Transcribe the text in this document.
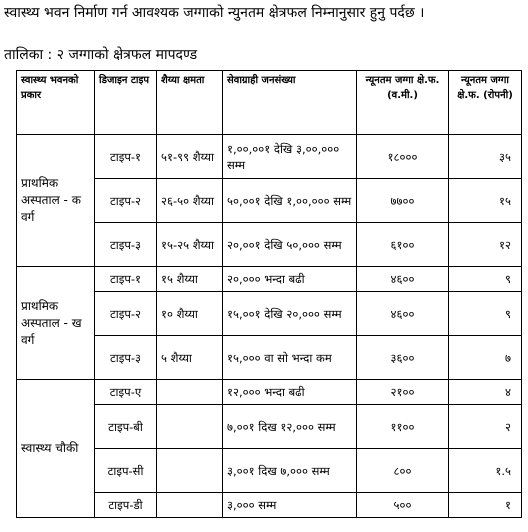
स्वास्थ्य भवन निर्माण गर्न आवश्यक जग्गाको न्युनतम क्षेत्रफल निम्नानुसार हुनु पर्दछ ।
तालिका : २ जग्गाको क्षेत्रफल मापदण्ड
स्वास्थ्य भवनको प्रकार	डिजाइन टाइप	शैय्या क्षमता	सेवाग्राही जनसंख्या	न्यूनतम जग्गा क्षे.फ. (व.मी.)	न्यूनतम जग्गा क्षे.फ. (रोपनी)
प्राथमिक अस्पताल - क वर्ग	टाइप-१	५१-९९ शैय्या	१,००,००१ देखि ३,००,००० सम्म	१८०००	३५
	टाइप-२	२६-५० शैय्या	५०,००१ देखि १,००,००० सम्म	७७००	१५
	टाइप-३	१५-२५ शैय्या	२०,००१ देखि ५०,००० सम्म	६१००	१२
प्राथमिक अस्पताल - ख वर्ग	टाइप-१	१५ शैय्या	२०,००० भन्दा बढी	४६००	९
	टाइप-२	१० शैय्या	१५,००१ देखि २०,००० सम्म	४६००	९
	टाइप-३	५ शैय्या	१५,००० वा सो भन्दा कम	३६००	७
स्वास्थ्य चौकी	टाइप-ए		१२,००० भन्दा बढी	२१००	४
	टाइप-बी		७,००१ दिख १२,००० सम्म	११००	२
	टाइप-सी		३,००१ दिख ७,००० सम्म	८००	१.५
	टाइप-डी		३,००० सम्म	५००	१
